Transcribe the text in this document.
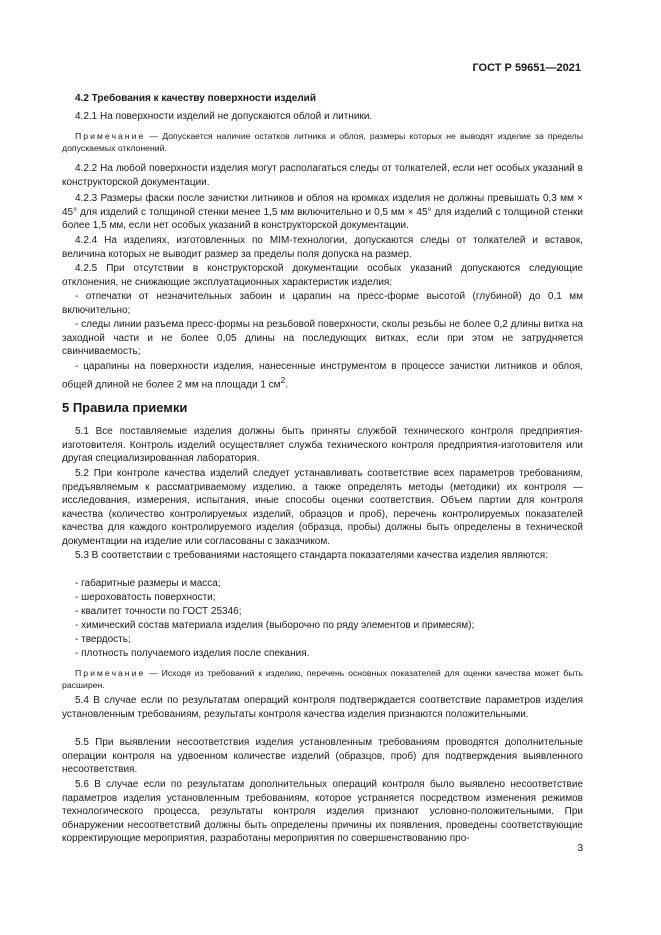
ГОСТ Р 59651—2021

4.2 Требования к качеству поверхности изделий

4.2.1 На поверхности изделий не допускаются облой и литники.

Примечание — Допускается наличие остатков литника и облоя, размеры которых не выводят изделие за пределы допускаемых отклонений.

4.2.2 На любой поверхности изделия могут располагаться следы от толкателей, если нет особых указаний в конструкторской документации.

4.2.3 Размеры фаски после зачистки литников и облоя на кромках изделия не должны превышать 0,3 мм × 45° для изделий с толщиной стенки менее 1,5 мм включительно и 0,5 мм × 45° для изделий с толщиной стенки более 1,5 мм, если нет особых указаний в конструкторской документации.

4.2.4 На изделиях, изготовленных по MIM-технологии, допускаются следы от толкателей и вставок, величина которых не выводит размер за пределы поля допуска на размер.

4.2.5 При отсутствии в конструкторской документации особых указаний допускаются следующие отклонения, не снижающие эксплуатационных характеристик изделия:

- отпечатки от незначительных забоин и царапин на пресс-форме высотой (глубиной) до 0,1 мм включительно;

- следы линии разъема пресс-формы на резьбовой поверхности, сколы резьбы не более 0,2 длины витка на заходной части и не более 0,05 длины на последующих витках, если при этом не затрудняется свинчиваемость;

- царапины на поверхности изделия, нанесенные инструментом в процессе зачистки литников и облоя, общей длиной не более 2 мм на площади 1 $см^2$.

5 Правила приемки

5.1 Все поставляемые изделия должны быть приняты службой технического контроля предприятия-изготовителя. Контроль изделий осуществляет служба технического контроля предприятия-изготовителя или другая специализированная лаборатория.

5.2 При контроле качества изделий следует устанавливать соответствие всех параметров требованиям, предъявляемым к рассматриваемому изделию, а также определять методы (методики) их контроля — исследования, измерения, испытания, иные способы оценки соответствия. Объем партии для контроля качества (количество контролируемых изделий, образцов и проб), перечень контролируемых показателей качества для каждого контролируемого изделия (образца, пробы) должны быть определены в технической документации на изделие или согласованы с заказчиком.

5.3 В соответствии с требованиями настоящего стандарта показателями качества изделия являются:

- габаритные размеры и масса;

- шероховатость поверхности;

- квалитет точности по ГОСТ 25346;

- химический состав материала изделия (выборочно по ряду элементов и примесям);

- твердость;

- плотность получаемого изделия после спекания.

Примечание — Исходя из требований к изделию, перечень основных показателей для оценки качества может быть расширен.

5.4 В случае если по результатам операций контроля подтверждается соответствие параметров изделия установленным требованиям, результаты контроля качества изделия признаются положительными.

5.5 При выявлении несоответствия изделия установленным требованиям проводятся дополнительные операции контроля на удвоенном количестве изделий (образцов, проб) для подтверждения выявленного несоответствия.

5.6 В случае если по результатам дополнительных операций контроля было выявлено несоответствие параметров изделия установленным требованиям, которое устраняется посредством изменения режимов технологического процесса, результаты контроля изделия признают условно-положительными. При обнаружении несоответствий должны быть определены причины их появления, проведены соответствующие корректирующие мероприятия, разработаны мероприятия по совершенствованию про-

3
